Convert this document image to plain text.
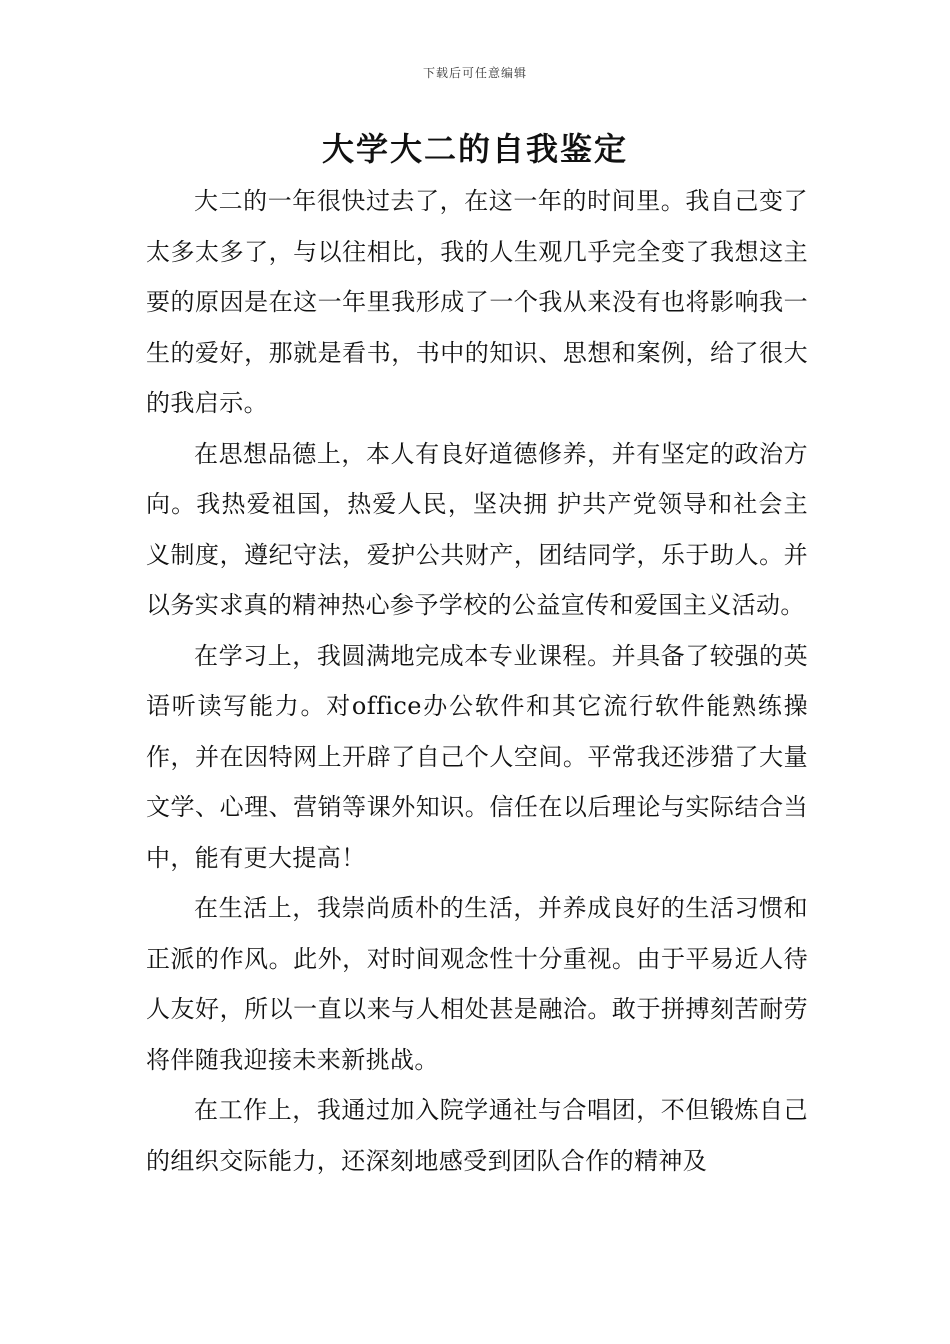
下载后可任意编辑
大学大二的自我鉴定

大二的一年很快过去了，在这一年的时间里。我自己变了太多太多了，与以往相比，我的人生观几乎完全变了我想这主要的原因是在这一年里我形成了一个我从来没有也将影响我一生的爱好，那就是看书，书中的知识、思想和案例，给了很大的我启示。

在思想品德上，本人有良好道德修养，并有坚定的政治方向。我热爱祖国，热爱人民，坚决拥 护共产党领导和社会主义制度，遵纪守法，爱护公共财产，团结同学，乐于助人。并以务实求真的精神热心参予学校的公益宣传和爱国主义活动。

在学习上，我圆满地完成本专业课程。并具备了较强的英语听读写能力。对office办公软件和其它流行软件能熟练操作，并在因特网上开辟了自己个人空间。平常我还涉猎了大量文学、心理、营销等课外知识。信任在以后理论与实际结合当中，能有更大提高！

在生活上，我崇尚质朴的生活，并养成良好的生活习惯和正派的作风。此外，对时间观念性十分重视。由于平易近人待人友好，所以一直以来与人相处甚是融洽。敢于拼搏刻苦耐劳将伴随我迎接未来新挑战。

在工作上，我通过加入院学通社与合唱团，不但锻炼自己的组织交际能力，还深刻地感受到团队合作的精神及
